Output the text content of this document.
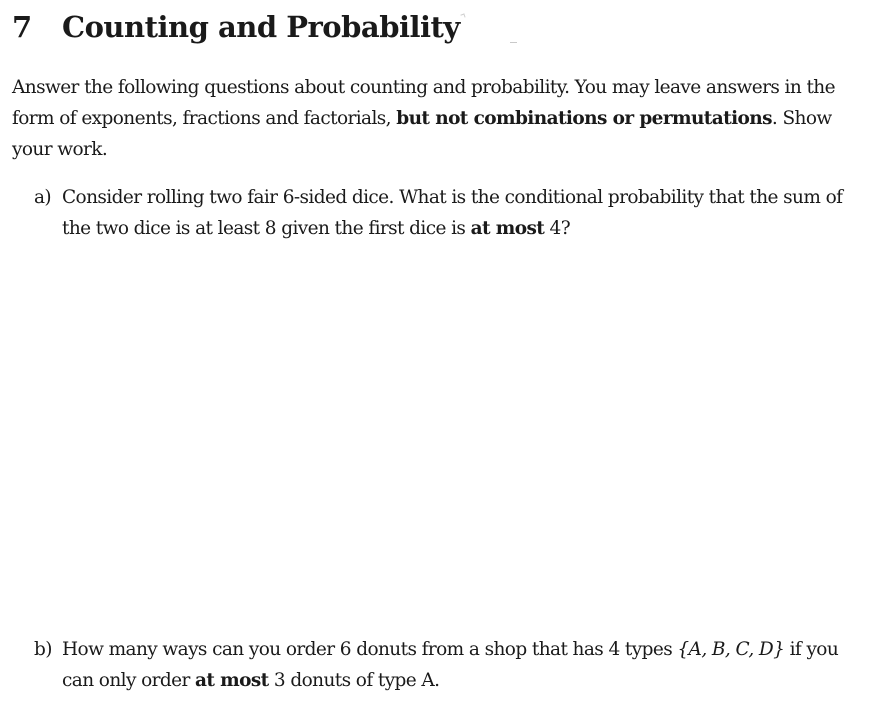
7 Counting and Probability

Answer the following questions about counting and probability. You may leave answers in the form of exponents, fractions and factorials, but not combinations or permutations. Show your work.

a) Consider rolling two fair 6-sided dice. What is the conditional probability that the sum of the two dice is at least 8 given the first dice is at most 4?
b) How many ways can you order 6 donuts from a shop that has 4 types {A, B, C, D} if you can only order at most 3 donuts of type A.
